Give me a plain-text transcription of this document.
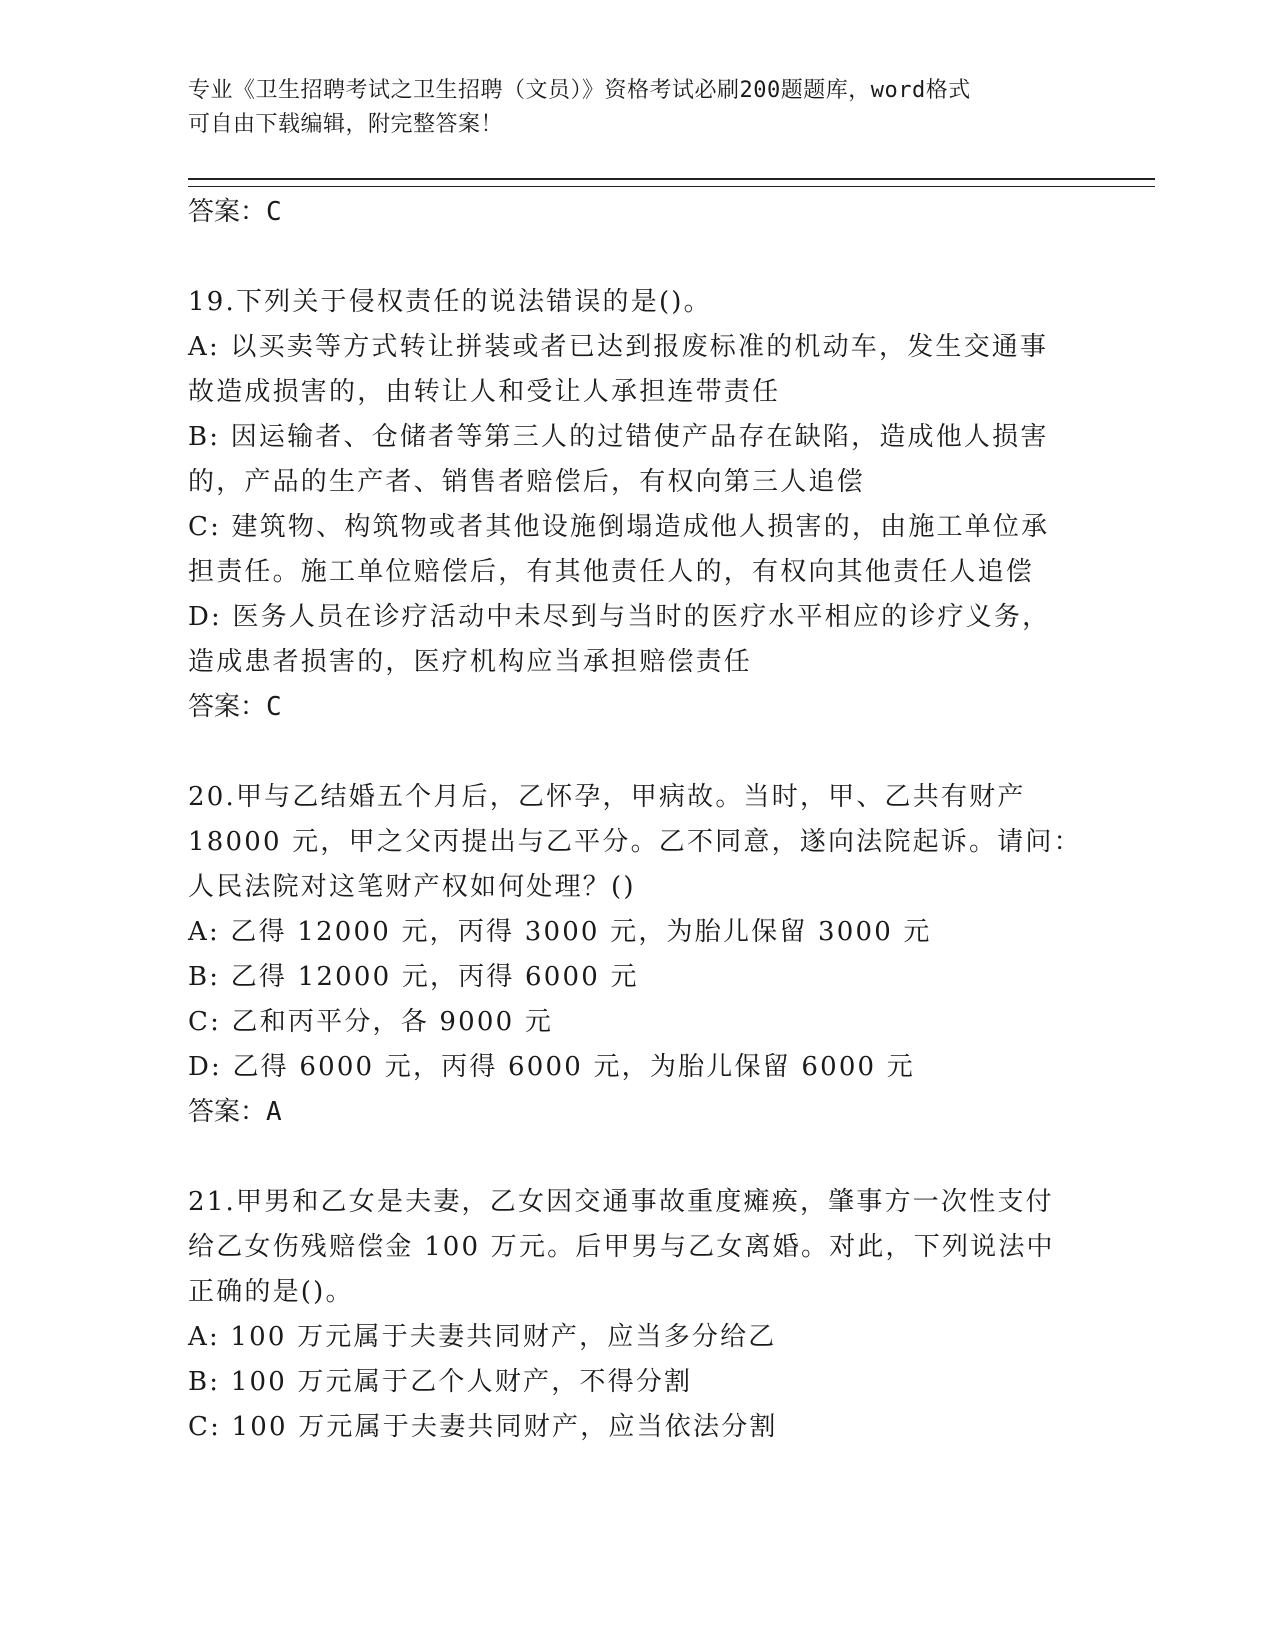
专业《卫生招聘考试之卫生招聘（文员）》资格考试必刷200题题库，word格式
可自由下载编辑，附完整答案！
答案：C
19.下列关于侵权责任的说法错误的是()。
A: 以买卖等方式转让拼装或者已达到报废标准的机动车，发生交通事
故造成损害的，由转让人和受让人承担连带责任
B: 因运输者、仓储者等第三人的过错使产品存在缺陷，造成他人损害
的，产品的生产者、销售者赔偿后，有权向第三人追偿
C: 建筑物、构筑物或者其他设施倒塌造成他人损害的，由施工单位承
担责任。施工单位赔偿后，有其他责任人的，有权向其他责任人追偿
D: 医务人员在诊疗活动中未尽到与当时的医疗水平相应的诊疗义务，
造成患者损害的，医疗机构应当承担赔偿责任
答案：C
20.甲与乙结婚五个月后，乙怀孕，甲病故。当时，甲、乙共有财产
18000 元，甲之父丙提出与乙平分。乙不同意，遂向法院起诉。请问：
人民法院对这笔财产权如何处理？()
A: 乙得 12000 元，丙得 3000 元，为胎儿保留 3000 元
B: 乙得 12000 元，丙得 6000 元
C: 乙和丙平分，各 9000 元
D: 乙得 6000 元，丙得 6000 元，为胎儿保留 6000 元
答案：A
21.甲男和乙女是夫妻，乙女因交通事故重度瘫痪，肇事方一次性支付
给乙女伤残赔偿金 100 万元。后甲男与乙女离婚。对此，下列说法中
正确的是()。
A: 100 万元属于夫妻共同财产，应当多分给乙
B: 100 万元属于乙个人财产，不得分割
C: 100 万元属于夫妻共同财产，应当依法分割
